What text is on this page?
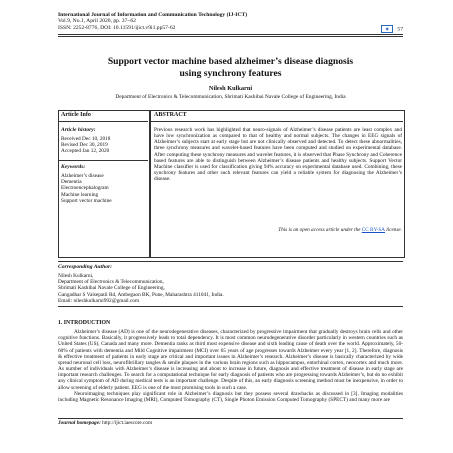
International Journal of Information and Communication Technology (IJ-ICT)
Vol.9, No.1, April 2020, pp. 37~62
ISSN: 2252-8776, DOI: 10.11591/ijict.v9i1.pp57-62	◆ 57
Support vector machine based alzheimer’s disease diagnosis
using synchrony features
Nilesh Kulkarni
Department of Electronics & Telecommunication, Shrimati Kashibai Navale College of Engineering, India
Article Info	ABSTRACT
Article history:
Received Dec 10, 2018
Revised Dec 30, 2019
Accepted Jan 12, 2020
Keywords:
Alzheimer’s disease
Dementia
Electroencephalogram
Machine learning
Support vector machine
Previous research work has highlighted that neuro-signals of Alzheimer’s disease patients are least complex and have low synchronization as compared to that of healthy and normal subjects. The changes in EEG signals of Alzheimer’s subjects start at early stage but are not clinically observed and detected. To detect these abnormalities, three synchrony measures and wavelet-based features have been computed and studied on experimental database. After computing these synchrony measures and wavelet features, it is observed that Phase Synchrony and Coherence based features are able to distinguish between Alzheimer’s disease patients and healthy subjects. Support Vector Machine classifier is used for classification giving 94% accuracy on experimental database used. Combining, these synchrony features and other such relevant features can yield a reliable system for diagnosing the Alzheimer’s disease.
This is an open access article under the CC BY-SA license.
Corresponding Author:
Nilesh Kulkarni,
Department of Electronics & Telecommunication,
Shrimati Kashibai Navale College of Engineering,
Gangadhar S Valsepatil Rd, Ambegaon BK, Pune, Maharashtra 411041, India.
Email: nileshkulkarni992@gmail.com
1. INTRODUCTION

Alzheimer’s disease (AD) is one of the neurodegenerative diseases, characterized by progressive impairment that gradually destroys brain cells and other cognitive functions. Basically, it progressively leads to total dependency. It is most common neurodegenerative disorder particularly in western countries such as United States (US), Canada and many more. Dementia ranks as third most expensive disease and sixth leading cause of death over the world. Approximately, 50-60% of patients with dementia and Mild Cognitive impairment (MCI) over 65 years of age progresses towards Alzheimer every year [1, 2]. Therefore, diagnosis & effective treatment of patients in early stage are critical and important issues in Alzheimer’s research. Alzheimer’s disease is basically characterized by wide spread neuronal cell loss, neurofibrillary tangles & senile plaques in the various brain regions such as hippocampus, entorhinal cortex, neocortex and much more. As number of individuals with Alzheimer’s disease is increasing and about to increase in future, diagnosis and effective treatment of disease in early stage are important research challenges. To search for a computational technique for early diagnosis of patients who are progressing towards Alzheimer’s, but do no exhibit any clinical symptom of AD during medical tests is an important challenge. Despite of this, an early diagnosis screening method must be inexpensive, in order to allow screening of elderly patient. EEG is one of the most promising tools in such a case.

Neuroimaging techniques play significant role in Alzheimer’s diagnosis but they possess several drawbacks as discussed in [3]. Imaging modalities including Magnetic Resonance Imaging (MRI), Computed Tomography (CT), Single Photon Emission Computed Tomography (SPECT) and many more are

Journal homepage: http://ijict.iaescore.com
